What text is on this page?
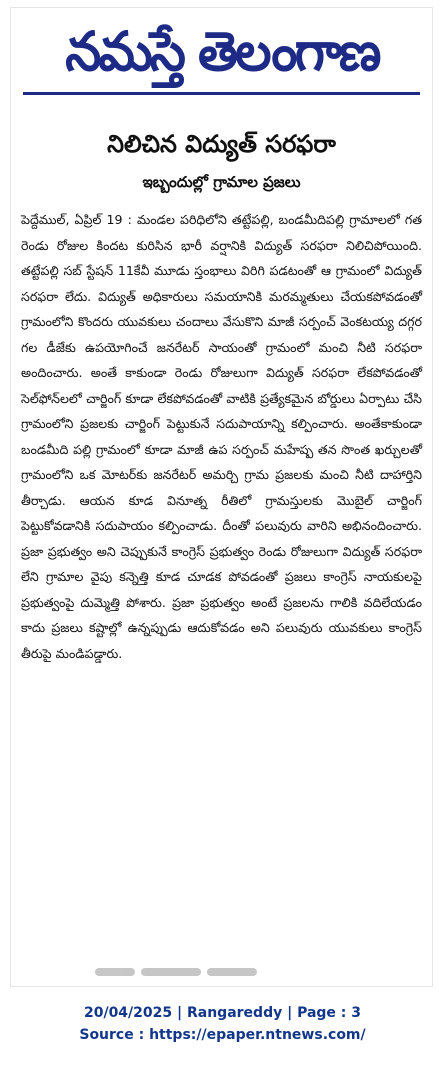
నమస్తే తెలంగాణ
నిలిచిన విద్యుత్ సరఫరా
ఇబ్బందుల్లో గ్రామాల ప్రజలు
పెద్దేముల్, ఏప్రిల్ 19 : మండల పరిధిలోని తట్టేపల్లి, బండమీదిపల్లి గ్రామాలలో గత రెండు రోజుల కిందట కురిసిన భారీ వర్షానికి విద్యుత్ సరఫరా నిలిచిపోయింది. తట్టేపల్లి సబ్ స్టేషన్ 11కేవీ మూడు స్తంభాలు విరిగి పడటంతో ఆ గ్రామంలో విద్యుత్ సరఫరా లేదు. విద్యుత్ అధికారులు సమయానికి మరమ్మతులు చేయకపోవడంతో గ్రామంలోని కొందరు యువకులు చందాలు వేసుకొని మాజీ సర్పంచ్ వెంకటయ్య దగ్గర గల డీజేకు ఉపయోగించే జనరేటర్ సాయంతో గ్రామంలో మంచి నీటి సరఫరా అందించారు. అంతే కాకుండా రెండు రోజులుగా విద్యుత్ సరఫరా లేకపోవడంతో సెల్‌ఫోన్‌లలో చార్జింగ్ కూడా లేకపోవడంతో వాటికి ప్రత్యేకమైన బోర్డులు ఏర్పాటు చేసి గ్రామంలోని ప్రజలకు చార్జింగ్ పెట్టుకునే సదుపాయాన్ని కల్పించారు. అంతేకాకుండా బండమీది పల్లి గ్రామంలో కూడా మాజీ ఉప సర్పంచ్ మహేష్ప తన సొంత ఖర్చులతో గ్రామంలోని ఒక మోటర్‌కు జనరేటర్ అమర్చి గ్రామ ప్రజలకు మంచి నీటి దాహార్తిని తీర్చాడు. ఆయన కూడ వినూత్న రీతిలో గ్రామస్తులకు మొబైల్ చార్జింగ్ పెట్టుకోవడానికి సదుపాయం కల్పించాడు. దీంతో పలువురు వారిని అభినందించారు. ప్రజా ప్రభుత్వం అని చెప్పుకునే కాంగ్రెస్ ప్రభుత్వం రెండు రోజులుగా విద్యుత్ సరఫరా లేని గ్రామాల వైపు కన్నెత్తి కూడ చూడక పోవడంతో ప్రజలు కాంగ్రెస్ నాయకులపై ప్రభుత్వంపై దుమ్మెత్తి పోశారు. ప్రజా ప్రభుత్వం అంటే ప్రజలను గాలికి వదిలేయడం కాదు ప్రజలు కష్టాల్లో ఉన్నప్పుడు ఆదుకోవడం అని పలువురు యువకులు కాంగ్రెస్ తీరుపై మండిపడ్డారు.
20/04/2025 | Rangareddy | Page : 3
Source : https://epaper.ntnews.com/
